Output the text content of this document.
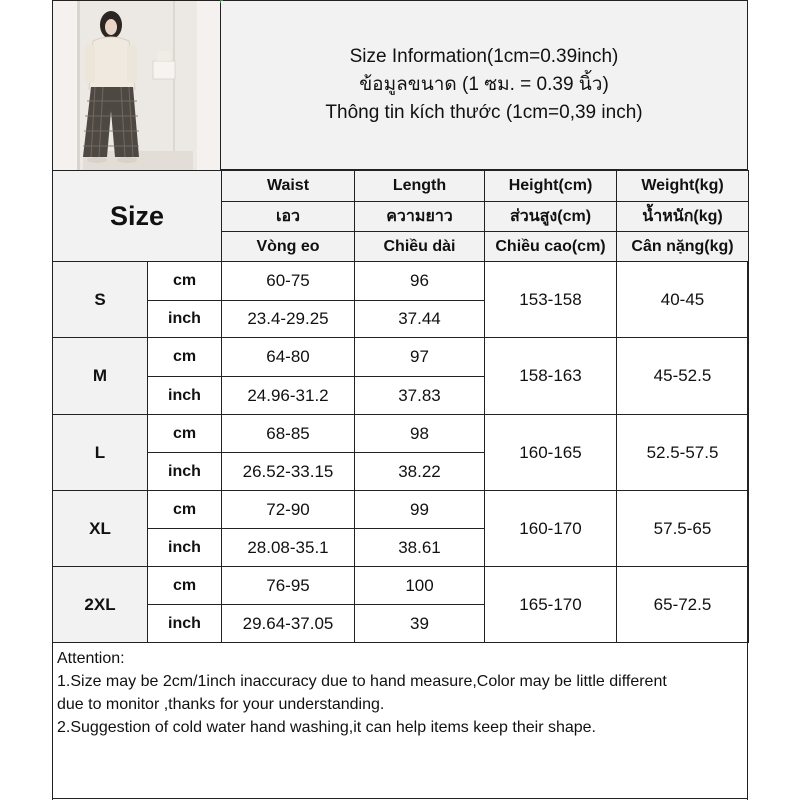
Size Information(1cm=0.39inch)
ข้อมูลขนาด (1 ซม. = 0.39 นิ้ว)
Thông tin kích thước (1cm=0,39 inch)
Size		Waist	Length	Height(cm)	Weight(kg)
		เอว	ความยาว	ส่วนสูง(cm)	น้ำหนัก(kg)
		Vòng eo	Chiều dài	Chiều cao(cm)	Cân nặng(kg)
S	cm	60-75	96	153-158	40-45
	inch	23.4-29.25	37.44		
M	cm	64-80	97	158-163	45-52.5
	inch	24.96-31.2	37.83		
L	cm	68-85	98	160-165	52.5-57.5
	inch	26.52-33.15	38.22		
XL	cm	72-90	99	160-170	57.5-65
	inch	28.08-35.1	38.61		
2XL	cm	76-95	100	165-170	65-72.5
	inch	29.64-37.05	39		
Attention:
1.Size may be 2cm/1inch inaccuracy due to hand measure,Color may be little different
due to monitor ,thanks for your understanding.
2.Suggestion of cold water hand washing,it can help items keep their shape.
